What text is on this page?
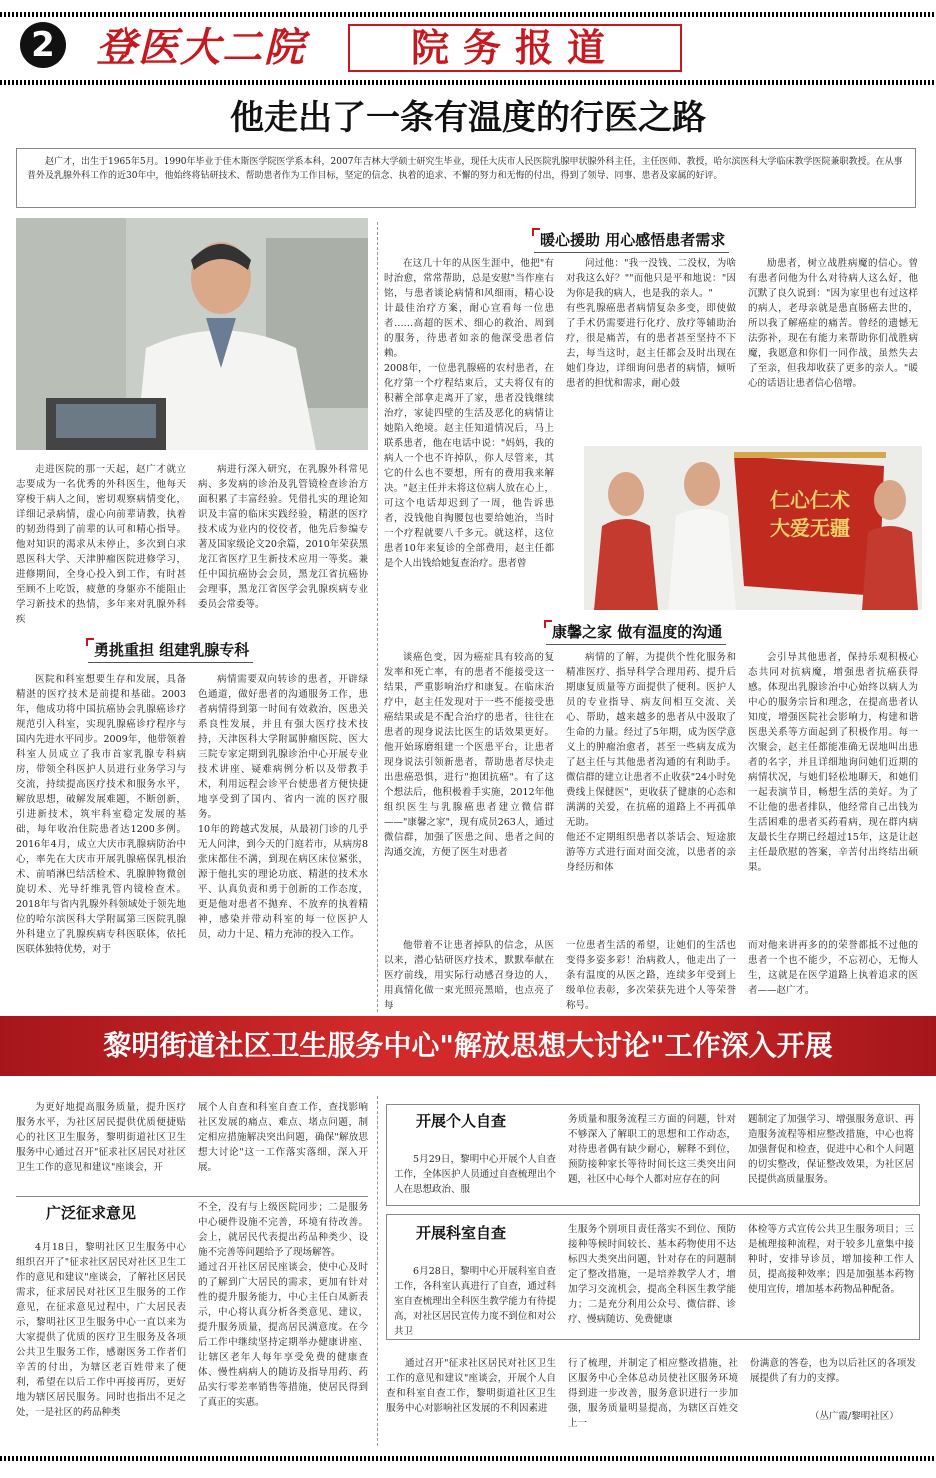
2 登医大二院	院务报道
他走出了一条有温度的行医之路
赵广才，出生于1965年5月。1990年毕业于佳木斯医学院医学系本科，2007年吉林大学硕士研究生毕业，现任大庆市人民医院乳腺甲状腺外科主任，主任医师、教授，哈尔滨医科大学临床教学医院兼职教授。在从事普外及乳腺外科工作的近30年中，他始终将钻研技术、帮助患者作为工作目标，坚定的信念、执着的追求、不懈的努力和无悔的付出，得到了领导、同事、患者及家属的好评。
走进医院的那一天起，赵广才就立志要成为一名优秀的外科医生，他每天穿梭于病人之间，密切观察病情变化，详细记录病情，虚心向前辈请教，执着的韧劲得到了前辈的认可和精心指导。他对知识的渴求从未停止，多次到白求恩医科大学、天津肿瘤医院进修学习，进修期间，全身心投入到工作，有时甚至顾不上吃饭，疲惫的身躯亦不能阻止学习新技术的热情，多年来对乳腺外科疾
病进行深入研究，在乳腺外科常见病、多发病的诊治及乳管镜检查诊治方面积累了丰富经验。凭借扎实的理论知识及丰富的临床实践经验，精湛的医疗技术成为业内的佼佼者，他先后参编专著及国家级论文20余篇，2010年荣获黑龙江省医疗卫生新技术应用一等奖。兼任中国抗癌协会会员，黑龙江省抗癌协会理事，黑龙江省医学会乳腺疾病专业委员会常委等。
勇挑重担 组建乳腺专科
医院和科室想要生存和发展，具备精湛的医疗技术是前提和基础。2003年，他成功将中国抗癌协会乳腺癌诊疗规范引入科室，实现乳腺癌诊疗程序与国内先进水平同步。2009年，他带领着科室人员成立了我市首家乳腺专科病房，带领全科医护人员进行业务学习与交流，持续提高医疗技术和服务水平，解放思想，破解发展难题，不断创新，引进新技术，筑牢科室稳定发展的基础，每年收治住院患者达1200多例。2016年4月，成立大庆市乳腺病防治中心，率先在大庆市开展乳腺癌保乳根治术、前哨淋巴结活检术、乳腺肿物微创旋切术、光导纤维乳管内镜检查术。2018年与省内乳腺外科领域处于领先地位的哈尔滨医科大学附属第三医院乳腺外科建立了乳腺疾病专科医联体，依托医联体独特优势，对于
病情需要双向转诊的患者，开辟绿色通道，做好患者的沟通服务工作，患者病情得到第一时间有效救治，医患关系良性发展，并且有强大医疗技术技持，天津医科大学附属肿瘤医院、医大三院专家定期到乳腺诊治中心开展专业技术讲座、疑难病例分析以及带教手术，利用远程会诊平台使患者方便快捷地享受到了国内、省内一流的医疗服务。
10年的跨越式发展，从最初门诊的几乎无人问津，到今天的门庭若市，从病房8张床都住不满，到现在病区床位紧张，源于他扎实的理论功底、精湛的技术水平、认真负责和勇于创新的工作态度，更是他对患者不抛弃、不放弃的执着精神，感染并带动科室的每一位医护人员，动力十足、精力充沛的投入工作。
暖心援助 用心感悟患者需求
在这几十年的从医生涯中，他把"有时治愈，常常帮助，总是安慰"当作座右铭，与患者谈论病情和风细雨，精心设计最佳治疗方案，耐心宣看每一位患者……高超的医术、细心的救治、周到的服务，待患者如亲的他深受患者信赖。
2008年，一位患乳腺癌的农村患者，在化疗第一个疗程结束后，丈夫将仅有的积蓄全部拿走离开了家，患者没钱继续治疗，家徒四壁的生活及恶化的病情让她陷入绝境。赵主任知道情况后，马上联系患者，他在电话中说："妈妈，我的病人一个也不许掉队，你人尽管来，其它的什么也不要想，所有的费用我来解决。"赵主任并未将这位病人放在心上，可这个电话却迟到了一周，他告诉患者，没钱他自掏腰包也要给她治，当时一个疗程就要八千多元。就这样，这位患者10年来复诊的全部费用，赵主任都是个人出钱给她复查治疗。患者曾
问过他："我一没钱、二没权，为啥对我这么好？""而他只是平和地说："因为你是我的病人，也是我的亲人。"
有些乳腺癌患者病情复杂多变，即使做了手术仍需要进行化疗、放疗等辅助治疗，很是痛苦，有的患者甚至坚持不下去，每当这时，赵主任都会及时出现在她们身边，详细询问患者的病情，倾听患者的担忧和需求，耐心鼓
励患者，树立战胜病魔的信心。曾有患者问他为什么对待病人这么好，他沉默了良久说到："因为家里也有过这样的病人，老母亲就是患直肠癌去世的，所以我了解癌症的痛苦。曾经的遗憾无法弥补，现在有能力来帮助你们战胜病魔，我愿意和你们一同作战，虽然失去了至亲，但我却收获了更多的亲人。"暖心的话语让患者信心倍增。
仁心仁术 大爱无疆
康馨之家 做有温度的沟通
谈癌色变，因为癌症具有较高的复发率和死亡率，有的患者不能接受这一结果，严重影响治疗和康复。在临床治疗中，赵主任发现对于一些不能接受患癌结果或是不配合治疗的患者，往往在患者的现身说法比医生的话效果更好。他开始琢磨组建一个医患平台，让患者现身说法引领新患者，帮助患者尽快走出患癌恐惧，进行"抱团抗癌"。有了这个想法后，他积极着手实施，2012年他组织医生与乳腺癌患者建立微信群——"康馨之家"，现有成员263人，通过微信群，加强了医患之间、患者之间的沟通交流，方便了医生对患者
病情的了解，为提供个性化服务和精准医疗、指导科学合理用药、提升后期康复质量等方面提供了便利。医护人员的专业指导、病友间相互交流、关心、帮助，越来越多的患者从中汲取了生命的力量。经过了5年期，成为医学意义上的肿瘤治愈者，甚至一些病友成为了赵主任与其他患者沟通的有利助手。微信群的建立让患者不止收获"24小时免费线上保健医"，更收获了健康的心态和满满的关爱，在抗癌的道路上不再孤单无助。
他还不定期组织患者以茶话会、短途旅游等方式进行面对面交流，以患者的亲身经历和体
会引导其他患者，保持乐观积极心态共同对抗病魔，增强患者抗癌获得感。体现出乳腺诊治中心始终以病人为中心的服务宗旨和理念，在提高患者认知度，增强医院社会影响力，构建和谐医患关系等方面起到了积极作用。每一次聚会，赵主任都能准确无误地叫出患者的名字，并且详细地询问她们近期的病情状况，与她们轻松地聊天，和她们一起表演节目，畅想生活的美好。为了不让他的患者排队，他经常自己出钱为生活困难的患者买药看病，现在群内病友最长生存期已经超过15年，这是让赵主任最欣慰的答案，辛苦付出终结出硕果。
他带着不让患者掉队的信念，从医以来，潜心钻研医疗技术，默默奉献在医疗前线，用实际行动感召身边的人，用真情化做一束光照亮黑暗，也点亮了每
一位患者生活的希望，让她们的生活也变得多姿多彩！治病救人，他走出了一条有温度的从医之路，连续多年受到上级单位表彰，多次荣获先进个人等荣誉称号。
而对他来讲再多的的荣誉都抵不过他的患者一个也不能少，不忘初心，无悔人生，这就是在医学道路上执着追求的医者——赵广才。
黎明街道社区卫生服务中心"解放思想大讨论"工作深入开展
为更好地提高服务质量，提升医疗服务水平，为社区居民提供优质便捷贴心的社区卫生服务，黎明街道社区卫生服务中心通过召开"征求社区居民对社区卫生工作的意见和建议"座谈会，开
展个人自查和科室自查工作，查找影响社区发展的痛点、难点、堵点问题，制定相应措施解决突出问题，确保"解放思想大讨论"这一工作落实落细，深入开展。
广泛征求意见
4月18日，黎明社区卫生服务中心组织召开了"征求社区居民对社区卫生工作的意见和建议"座谈会，了解社区居民需求，征求居民对社区卫生服务的工作意见，在征求意见过程中，广大居民表示，黎明社区卫生服务中心一直以来为大家提供了优质的医疗卫生服务及各项公共卫生服务工作，感谢医务工作者们辛苦的付出，为辖区老百姓带来了便利，希望在以后工作中再接再厉，更好地为辖区居民服务。同时也指出不足之处，一是社区的药品种类
不全，没有与上级医院同步；二是服务中心硬件设施不完善，环境有待改善。会上，就居民代表提出药品种类少、设施不完善等问题给予了现场解答。
通过召开社区居民座谈会，使中心及时的了解到广大居民的需求，更加有针对性的提升服务能力，中心主任白凤新表示，中心将认真分析各类意见、建议，提升服务质量，提高居民满意度。在今后工作中继续坚持定期举办健康讲座、让辖区老年人每年享受免费的健康查体、慢性病病人的随访及指导用药、药品实行零差率销售等措施，使居民得到了真正的实惠。
开展个人自查
5月29日，黎明中心开展个人自查工作，全体医护人员通过自查梳理出个人在思想政治、服
务质量和服务流程三方面的问题，针对不够深入了解职工的思想和工作动态，对待患者偶有缺少耐心，解释不到位，预防接种家长等待时间长这三类突出问题，社区中心每个人都对应存在的问
题制定了加强学习、增强服务意识、再造服务流程等相应整改措施，中心也将加强督促和检查，促进中心和个人问题的切实整改，保证整改效果，为社区居民提供高质量服务。
开展科室自查
6月28日，黎明中心开展科室自查工作，各科室认真进行了自查，通过科室自查梳理出全科医生教学能力有待提高，对社区居民宣传力度不到位和对公共卫
生服务个别项目责任落实不到位、预防接种等候时间较长、基本药物使用不达标四大类突出问题，针对存在的问题制定了整改措施，一是培养教学人才，增加学习交流机会，提高全科医生教学能力；二是充分利用公众号、微信群、诊疗、慢病随访、免费健康
体检等方式宣传公共卫生服务项目；三是梳理接种流程，对于较多儿童集中接种时，安排导诊员，增加接种工作人员，提高接种效率；四是加强基本药物使用宣传，增加基本药物品种配备。
通过召开"征求社区居民对社区卫生工作的意见和建议"座谈会，开展个人自查和科室自查工作，黎明街道社区卫生服务中心对影响社区发展的不利因素进
行了梳理，并制定了相应整改措施，社区服务中心全体总动员使社区服务环境得到进一步改善，服务意识进行一步加强，服务质量明显提高，为辖区百姓交上一
份满意的答卷，也为以后社区的各项发展提供了有力的支撑。
（丛广霞/黎明社区）
